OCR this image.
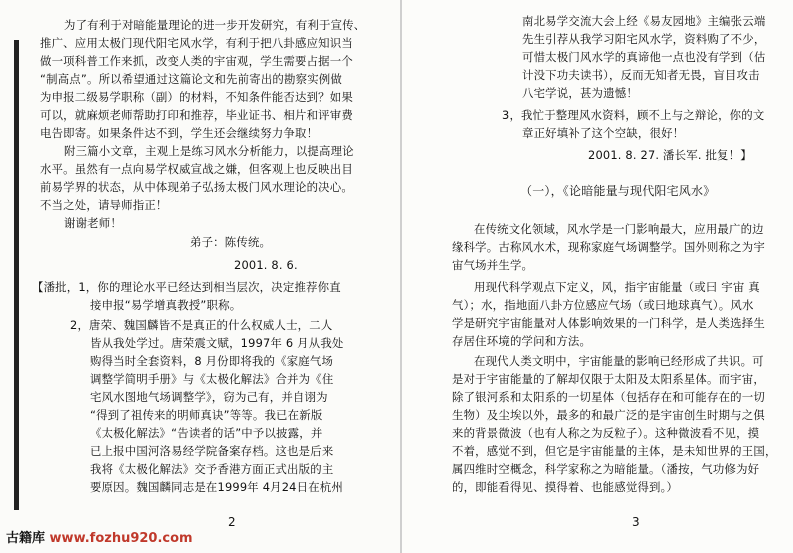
为了有利于对暗能量理论的进一步开发研究，有利于宣传、
推广、应用太极门现代阳宅风水学，有利于把八卦感应知识当
做一项科普工作来抓，改变人类的宇宙观，学生需要占据一个
“制高点”。所以希望通过这篇论文和先前寄出的勘察实例做
为申报二级易学职称（副）的材料，不知条件能否达到？如果
可以，就麻烦老师帮助打印和推荐，毕业证书、相片和评审费
电告即寄。如果条件达不到，学生还会继续努力争取！
附三篇小文章，主观上是练习风水分析能力，以提高理论
水平。虽然有一点向易学权威宣战之嫌，但客观上也反映出目
前易学界的状态，从中体现弟子弘扬太极门风水理论的决心。
不当之处，请导师指正！
谢谢老师！
弟子：陈传统。
2001. 8. 6.
【潘批，1，你的理论水平已经达到相当层次，决定推荐你直
接申报“易学增真教授”职称。
2，唐荣、魏国麟皆不是真正的什么权威人士，二人
皆从我处学过。唐荣震文赋，1997年 6 月从我处
购得当时全套资料，8 月份即将我的《家庭气场
调整学简明手册》与《太极化解法》合并为《住
宅风水图地气场调整学》，窃为己有，并自诩为
“得到了祖传来的明师真诀”等等。我已在新版
《太极化解法》“告读者的话”中予以披露，并
已上报中国河洛易经学院备案存档。这也是后来
我将《太极化解法》交予香港方面正式出版的主
要原因。魏国麟同志是在1999年 4月24日在杭州
2
南北易学交流大会上经《易友园地》主编张云端
先生引荐从我学习阳宅风水学，资料购了不少，
可惜太极门风水学的真谛他一点也没有学到（估
计没下功夫读书），反而无知者无畏，盲目攻击
八宅学说，甚为遗憾！
3，我忙于整理风水资料，顾不上与之辩论，你的文
章正好填补了这个空缺，很好！
2001. 8. 27. 潘长军. 批复！】
（一），《论暗能量与现代阳宅风水》
在传统文化领域，风水学是一门影响最大，应用最广的边
缘科学。古称风水术，现称家庭气场调整学。国外则称之为宇
宙气场并生学。
用现代科学观点下定义，风，指宇宙能量（或曰 宇宙 真
气）；水，指地面八卦方位感应气场（或曰地球真气）。风水
学是研究宇宙能量对人体影响效果的一门科学，是人类选择生
存居住环境的学问和方法。
在现代人类文明中，宇宙能量的影响已经形成了共识。可
是对于宇宙能量的了解却仅限于太阳及太阳系星体。而宇宙，
除了银河系和太阳系的一切星体（包括存在和可能存在的一切
生物）及尘埃以外，最多的和最广泛的是宇宙创生时期与之俱
来的背景微波（也有人称之为反粒子）。这种微波看不见，摸
不着，感觉不到，但它是宇宙能量的主体，是未知世界的王国，
属四维时空概念，科学家称之为暗能量。（潘按，气功修为好
的，即能看得见、摸得着、也能感觉得到。）
3
古籍库 www.fozhu920.com
